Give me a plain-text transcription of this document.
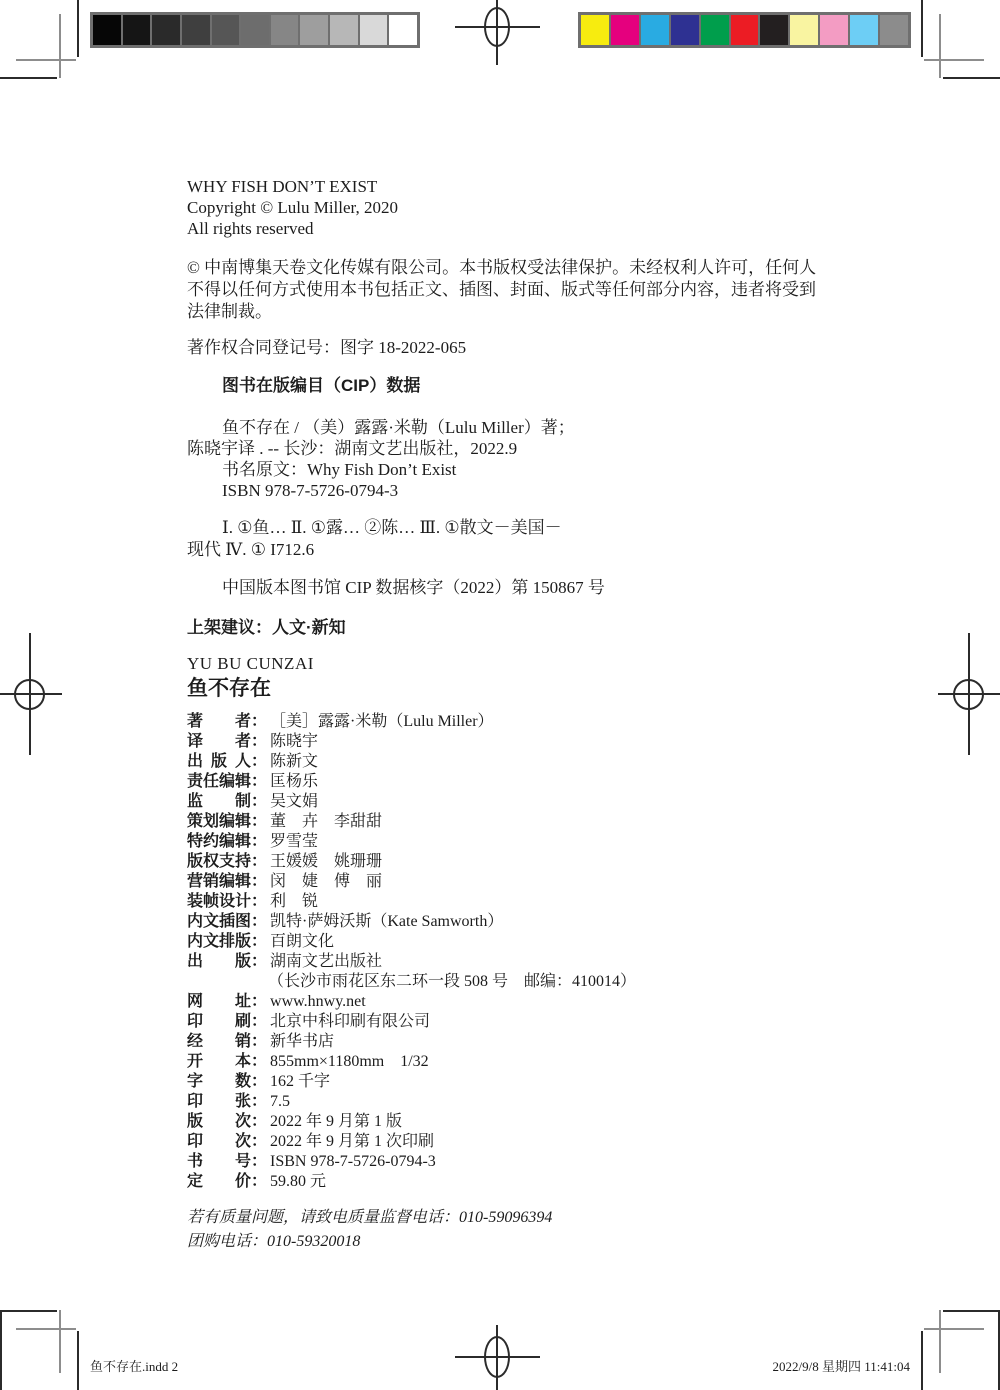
WHY FISH DON’T EXIST
Copyright © Lulu Miller, 2020
All rights reserved
© 中南博集天卷文化传媒有限公司。本书版权受法律保护。未经权利人许可，任何人
不得以任何方式使用本书包括正文、插图、封面、版式等任何部分内容，违者将受到
法律制裁。
著作权合同登记号：图字 18-2022-065
图书在版编目（CIP）数据
鱼不存在 / （美）露露·米勒（Lulu Miller）著；
陈晓宇译 . -- 长沙：湖南文艺出版社，2022.9
书名原文：Why Fish Don’t Exist
ISBN 978-7-5726-0794-3
Ⅰ. ①鱼… Ⅱ. ①露… ②陈… Ⅲ. ①散文－美国－
现代 Ⅳ. ① I712.6
中国版本图书馆 CIP 数据核字（2022）第 150867 号
上架建议：人文·新知
YU BU CUNZAI
鱼不存在
著者 ： ［美］露露·米勒（Lulu Miller）
译者 ： 陈晓宇
出版人 ： 陈新文
责任编辑 ： 匡杨乐
监制 ： 吴文娟
策划编辑 ： 董　卉　李甜甜
特约编辑 ： 罗雪莹
版权支持 ： 王媛媛　姚珊珊
营销编辑 ： 闵　婕　傅　丽
装帧设计 ： 利　锐
内文插图 ： 凯特·萨姆沃斯（Kate Samworth）
内文排版 ： 百朗文化
出版 ： 湖南文艺出版社
（长沙市雨花区东二环一段 508 号　邮编：410014）
网址 ： www.hnwy.net
印刷 ： 北京中科印刷有限公司
经销 ： 新华书店
开本 ： 855mm×1180mm　1/32
字数 ： 162 千字
印张 ： 7.5
版次 ： 2022 年 9 月第 1 版
印次 ： 2022 年 9 月第 1 次印刷
书号 ： ISBN 978-7-5726-0794-3
定价 ： 59.80 元
若有质量问题，请致电质量监督电话：010-59096394
团购电话：010-59320018
鱼不存在.indd 2	2022/9/8 星期四 11:41:04
